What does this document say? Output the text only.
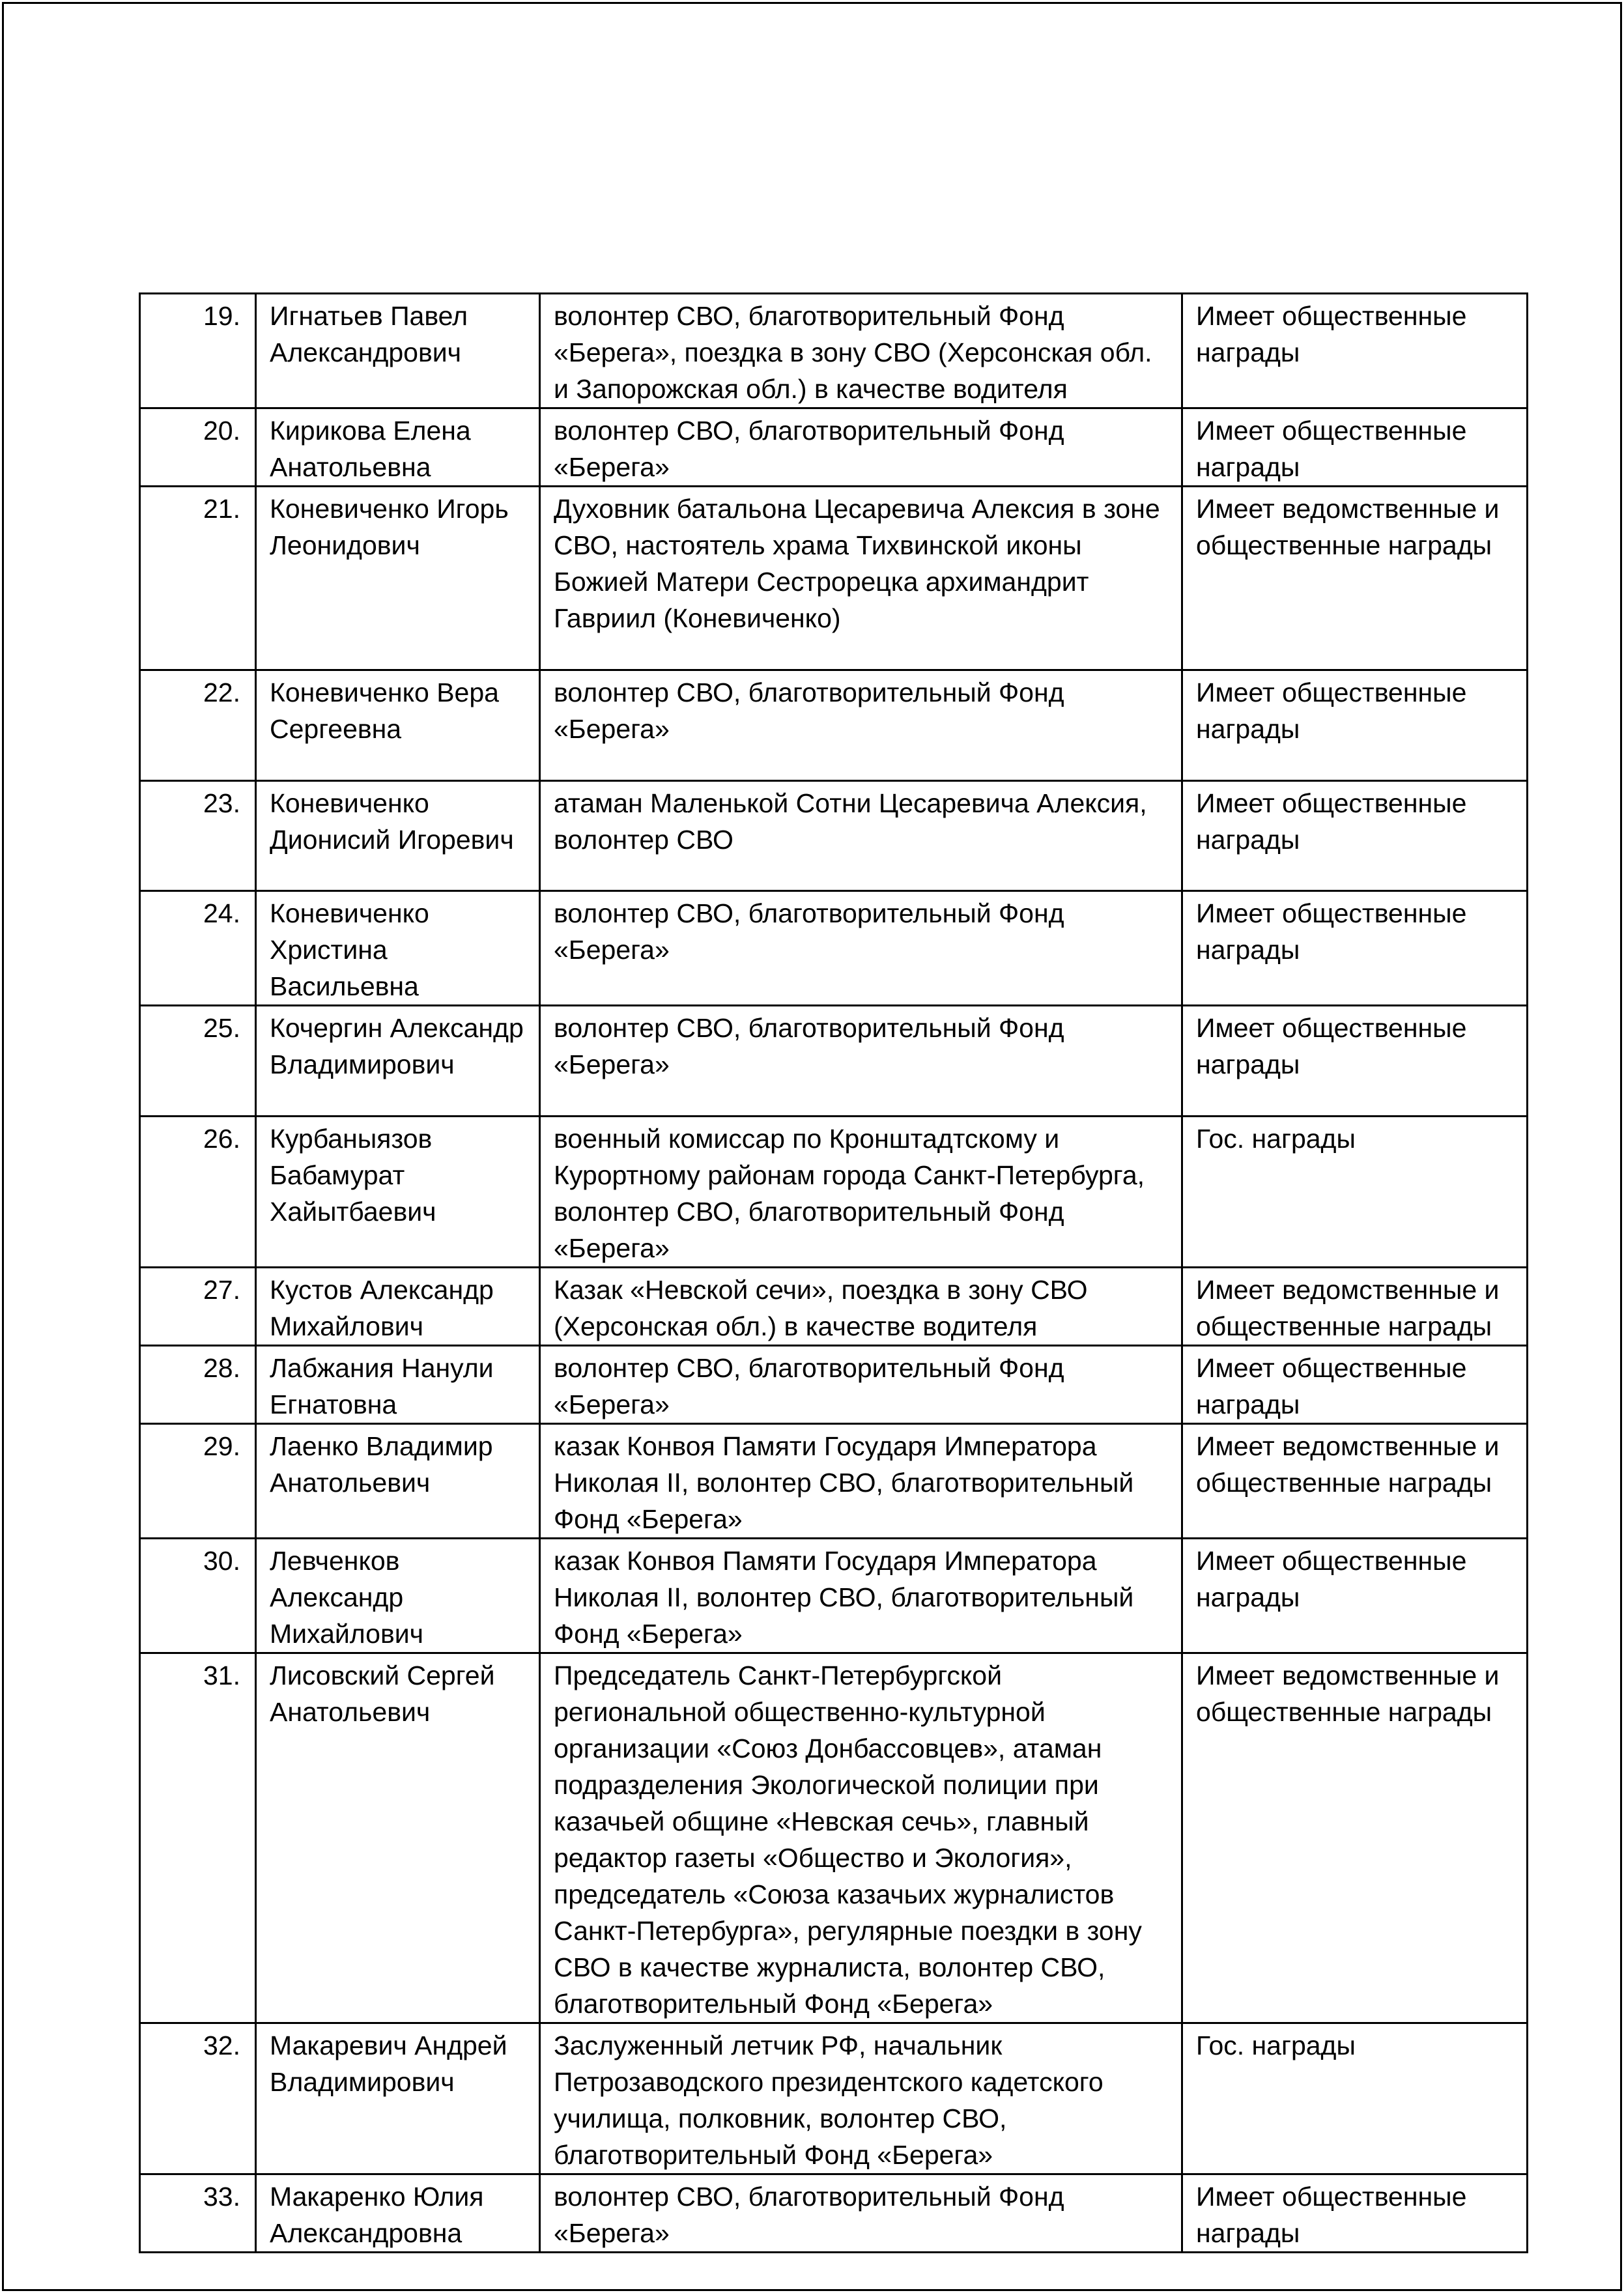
19.	Игнатьев Павел Александрович	волонтер СВО, благотворительный Фонд «Берега», поездка в зону СВО (Херсонская обл. и Запорожская обл.) в качестве водителя	Имеет общественные награды
20.	Кирикова Елена Анатольевна	волонтер СВО, благотворительный Фонд «Берега»	Имеет общественные награды
21.	Коневиченко Игорь Леонидович	Духовник батальона Цесаревича Алексия в зоне СВО, настоятель храма Тихвинской иконы Божией Матери Сестрорецка архимандрит Гавриил (Коневиченко)	Имеет ведомственные и общественные награды
22.	Коневиченко Вера Сергеевна	волонтер СВО, благотворительный Фонд «Берега»	Имеет общественные награды
23.	Коневиченко Дионисий Игоревич	атаман Маленькой Сотни Цесаревича Алексия, волонтер СВО	Имеет общественные награды
24.	Коневиченко Христина Васильевна	волонтер СВО, благотворительный Фонд «Берега»	Имеет общественные награды
25.	Кочергин Александр Владимирович	волонтер СВО, благотворительный Фонд «Берега»	Имеет общественные награды
26.	Курбаныязов Бабамурат Хайытбаевич	военный комиссар по Кронштадтскому и Курортному районам города Санкт-Петербурга, волонтер СВО, благотворительный Фонд «Берега»	Гос. награды
27.	Кустов Александр Михайлович	Казак «Невской сечи», поездка в зону СВО (Херсонская обл.) в качестве водителя	Имеет ведомственные и общественные награды
28.	Лабжания Нанули Егнатовна	волонтер СВО, благотворительный Фонд «Берега»	Имеет общественные награды
29.	Лаенко Владимир Анатольевич	казак Конвоя Памяти Государя Императора Николая II, волонтер СВО, благотворительный Фонд «Берега»	Имеет ведомственные и общественные награды
30.	Левченков Александр Михайлович	казак Конвоя Памяти Государя Императора Николая II, волонтер СВО, благотворительный Фонд «Берега»	Имеет общественные награды
31.	Лисовский Сергей Анатольевич	Председатель Санкт-Петербургской региональной общественно-культурной организации «Союз Донбассовцев», атаман подразделения Экологической полиции при казачьей общине «Невская сечь», главный редактор газеты «Общество и Экология», председатель «Союза казачьих журналистов Санкт-Петербурга», регулярные поездки в зону СВО в качестве журналиста, волонтер СВО, благотворительный Фонд «Берега»	Имеет ведомственные и общественные награды
32.	Макаревич Андрей Владимирович	Заслуженный летчик РФ, начальник Петрозаводского президентского кадетского училища, полковник, волонтер СВО, благотворительный Фонд «Берега»	Гос. награды
33.	Макаренко Юлия Александровна	волонтер СВО, благотворительный Фонд «Берега»	Имеет общественные награды
